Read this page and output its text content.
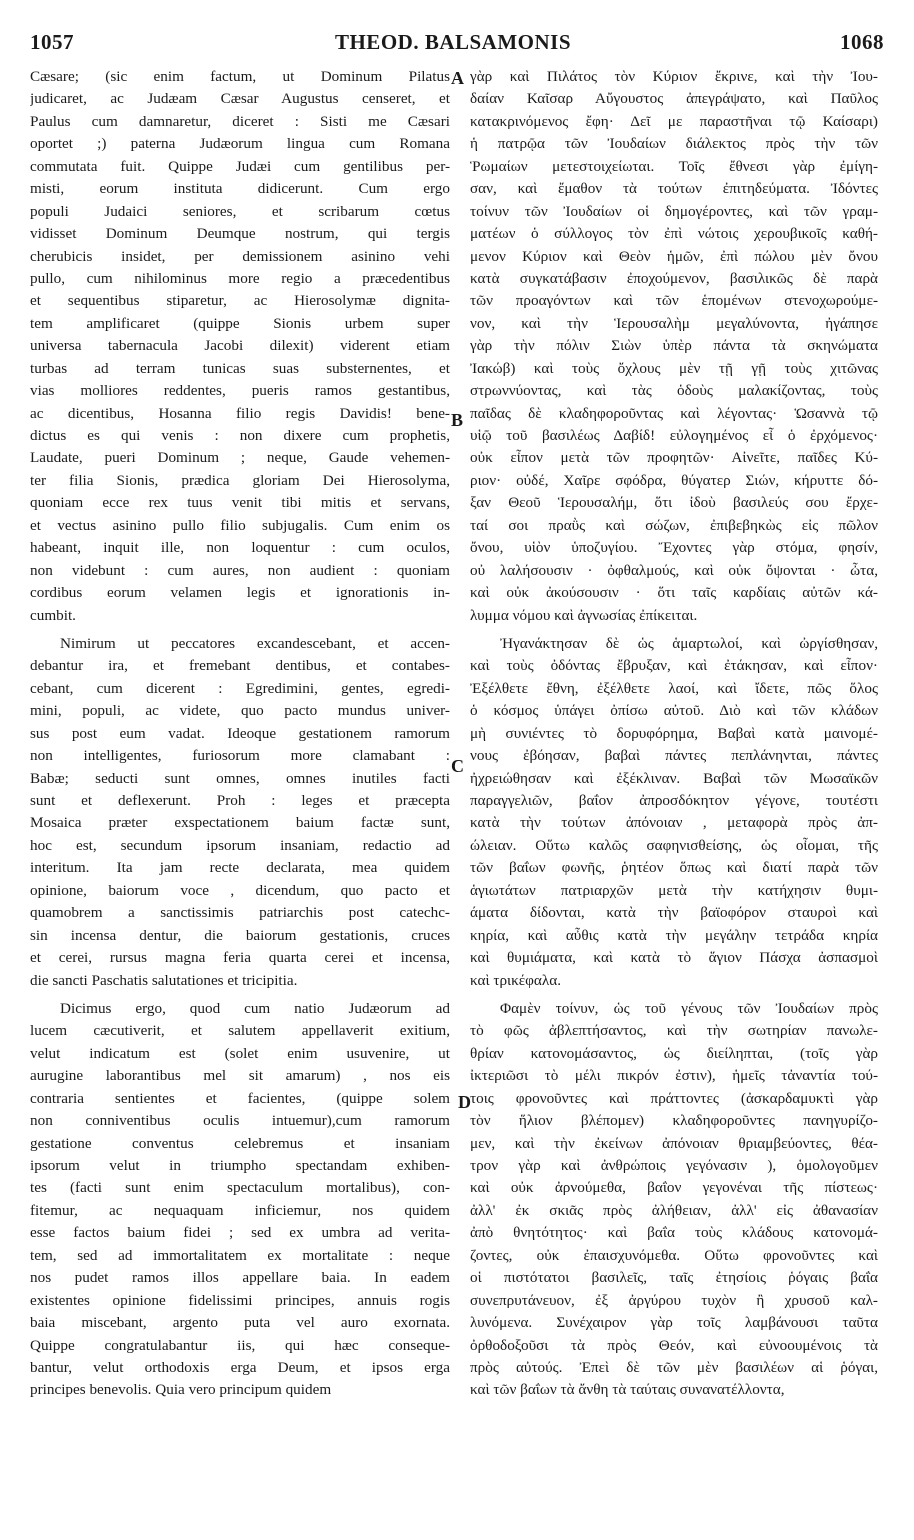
1057	THEOD. BALSAMONIS	1068
Cæsare; (sic enim factum, ut Dominum Pilatus
judicaret, ac Judæam Cæsar Augustus censeret, et
Paulus cum damnaretur, diceret : Sisti me Cæsari
oportet ;) paterna Judæorum lingua cum Romana
commutata fuit. Quippe Judæi cum gentilibus per-
misti, eorum instituta didicerunt. Cum ergo
populi Judaici seniores, et scribarum cœtus
vidisset Dominum Deumque nostrum, qui tergis
cherubicis insidet, per demissionem asinino vehi
pullo, cum nihilominus more regio a præcedentibus
et sequentibus stiparetur, ac Hierosolymæ dignita-
tem amplificaret (quippe Sionis urbem super
universa tabernacula Jacobi dilexit) viderent etiam
turbas ad terram tunicas suas substernentes, et
vias molliores reddentes, pueris ramos gestantibus,
ac dicentibus, Hosanna filio regis Davidis! bene-
dictus es qui venis : non dixere cum prophetis,
Laudate, pueri Dominum ; neque, Gaude vehemen-
ter filia Sionis, prædica gloriam Dei Hierosolyma,
quoniam ecce rex tuus venit tibi mitis et servans,
et vectus asinino pullo filio subjugalis. Cum enim os
habeant, inquit ille, non loquentur : cum oculos,
non videbunt : cum aures, non audient : quoniam
cordibus eorum velamen legis et ignorationis in-
cumbit.
Nimirum ut peccatores excandescebant, et accen-
debantur ira, et fremebant dentibus, et contabes-
cebant, cum dicerent : Egredimini, gentes, egredi-
mini, populi, ac videte, quo pacto mundus univer-
sus post eum vadat. Ideoque gestationem ramorum
non intelligentes, furiosorum more clamabant :
Babæ; seducti sunt omnes, omnes inutiles facti
sunt et deflexerunt. Proh : leges et præcepta
Mosaica præter exspectationem baium factæ sunt,
hoc est, secundum ipsorum insaniam, redactio ad
interitum. Ita jam recte declarata, mea quidem
opinione, baiorum voce , dicendum, quo pacto et
quamobrem a sanctissimis patriarchis post catechc-
sin incensa dentur, die baiorum gestationis, cruces
et cerei, rursus magna feria quarta cerei et incensa,
die sancti Paschatis salutationes et tricipitia.
Dicimus ergo, quod cum natio Judæorum ad
lucem cæcutiverit, et salutem appellaverit exitium,
velut indicatum est (solet enim usuvenire, ut
aurugine laborantibus mel sit amarum) , nos eis
contraria sentientes et facientes, (quippe solem
non conniventibus oculis intuemur),cum ramorum
gestatione conventus celebremus et insaniam
ipsorum velut in triumpho spectandam exhiben-
tes (facti sunt enim spectaculum mortalibus), con-
fitemur, ac nequaquam inficiemur, nos quidem
esse factos baium fidei ; sed ex umbra ad verita-
tem, sed ad immortalitatem ex mortalitate : neque
nos pudet ramos illos appellare baia. In eadem
existentes opinione fidelissimi principes, annuis rogis
baia miscebant, argento puta vel auro exornata.
Quippe congratulabantur iis, qui hæc conseque-
bantur, velut orthodoxis erga Deum, et ipsos erga
principes benevolis. Quia vero principum quidem
γὰρ καὶ Πιλάτος τὸν Κύριον ἔκρινε, καὶ τὴν Ἰου-
δαίαν Καῖσαρ Αὔγουστος ἀπεγράψατο, καὶ Παῦλος
κατακρινόμενος ἔφη· Δεῖ με παραστῆναι τῷ Καίσαρι)
ἡ πατρῷα τῶν Ἰουδαίων διάλεκτος πρὸς τὴν τῶν
Ῥωμαίων μετεστοιχείωται. Τοῖς ἔθνεσι γὰρ ἐμίγη-
σαν, καὶ ἔμαθον τὰ τούτων ἐπιτηδεύματα. Ἰδόντες
τοίνυν τῶν Ἰουδαίων οἱ δημογέροντες, καὶ τῶν γραμ-
ματέων ὁ σύλλογος τὸν ἐπὶ νώτοις χερουβικοῖς καθή-
μενον Κύριον καὶ Θεὸν ἡμῶν, ἐπὶ πώλου μὲν ὄνου
κατὰ συγκατάβασιν ἐποχούμενον, βασιλικῶς δὲ παρὰ
τῶν προαγόντων καὶ τῶν ἑπομένων στενοχωρούμε-
νον, καὶ τὴν Ἱερουσαλὴμ μεγαλύνοντα, ἠγάπησε
γὰρ τὴν πόλιν Σιὼν ὑπὲρ πάντα τὰ σκηνώματα
Ἰακώβ) καὶ τοὺς ὄχλους μὲν τῇ γῇ τοὺς χιτῶνας
στρωννύοντας, καὶ τὰς ὁδοὺς μαλακίζοντας, τοὺς
παῖδας δὲ κλαδηφοροῦντας καὶ λέγοντας· Ὡσαννὰ τῷ
υἱῷ τοῦ βασιλέως Δαβίδ! εὐλογημένος εἶ ὁ ἐρχόμενος·
οὐκ εἶπον μετὰ τῶν προφητῶν· Αἰνεῖτε, παῖδες Κύ-
ριον· οὐδέ, Χαῖρε σφόδρα, θύγατερ Σιών, κήρυττε δό-
ξαν Θεοῦ Ἱερουσαλήμ, ὅτι ἰδοὺ βασιλεύς σου ἔρχε-
ταί σοι πραῢς καὶ σώζων, ἐπιβεβηκὼς εἰς πῶλον
ὄνου, υἱὸν ὑποζυγίου. Ἔχοντες γὰρ στόμα, φησίν,
οὐ λαλήσουσιν · ὀφθαλμούς, καὶ οὐκ ὄψονται · ὦτα,
καὶ οὐκ ἀκούσουσιν · ὅτι ταῖς καρδίαις αὐτῶν κά-
λυμμα νόμου καὶ ἀγνωσίας ἐπίκειται.
Ἠγανάκτησαν δὲ ὡς ἁμαρτωλοί, καὶ ὠργίσθησαν,
καὶ τοὺς ὀδόντας ἔβρυξαν, καὶ ἐτάκησαν, καὶ εἶπον·
Ἐξέλθετε ἔθνη, ἐξέλθετε λαοί, καὶ ἴδετε, πῶς ὅλος
ὁ κόσμος ὑπάγει ὀπίσω αὐτοῦ. Διὸ καὶ τῶν κλάδων
μὴ συνιέντες τὸ δορυφόρημα, Βαβαὶ κατὰ μαινομέ-
νους ἐβόησαν, βαβαὶ πάντες πεπλάνηνται, πάντες
ἠχρειώθησαν καὶ ἐξέκλιναν. Βαβαὶ τῶν Μωσαϊκῶν
παραγγελιῶν, βαΐον ἀπροσδόκητον γέγονε, τουτέστι
κατὰ τὴν τούτων ἀπόνοιαν , μεταφορὰ πρὸς ἀπ-
ώλειαν. Οὕτω καλῶς σαφηνισθείσης, ὡς οἶομαι, τῆς
τῶν βαΐων φωνῆς, ῥητέον ὅπως καὶ διατί παρὰ τῶν
ἁγιωτάτων πατριαρχῶν μετὰ τὴν κατήχησιν θυμι-
άματα δίδονται, κατὰ τὴν βαϊοφόρον σταυροὶ καὶ
κηρία, καὶ αὖθις κατὰ τὴν μεγάλην τετράδα κηρία
καὶ θυμιάματα, καὶ κατὰ τὸ ἅγιον Πάσχα ἀσπασμοὶ
καὶ τρικέφαλα.
Φαμὲν τοίνυν, ὡς τοῦ γένους τῶν Ἰουδαίων πρὸς
τὸ φῶς ἀβλεπτήσαντος, καὶ τὴν σωτηρίαν πανωλε-
θρίαν κατονομάσαντος, ὡς διείληπται, (τοῖς γὰρ
ἰκτεριῶσι τὸ μέλι πικρόν ἐστιν), ἡμεῖς τἀναντία τού-
τοις φρονοῦντες καὶ πράττοντες (ἀσκαρδαμυκτὶ γὰρ
τὸν ἥλιον βλέπομεν) κλαδηφοροῦντες πανηγυρίζο-
μεν, καὶ τὴν ἐκείνων ἀπόνοιαν θριαμβεύοντες, θέα-
τρον γὰρ καὶ ἀνθρώποις γεγόνασιν ), ὁμολογοῦμεν
καὶ οὐκ ἀρνούμεθα, βαΐον γεγονέναι τῆς πίστεως·
ἀλλ' ἐκ σκιᾶς πρὸς ἀλήθειαν, ἀλλ' εἰς ἀθανασίαν
ἀπὸ θνητότητος· καὶ βαΐα τοὺς κλάδους κατονομά-
ζοντες, οὐκ ἐπαισχυνόμεθα. Οὕτω φρονοῦντες καὶ
οἱ πιστότατοι βασιλεῖς, ταῖς ἐτησίοις ῥόγαις βαΐα
συνεπρυτάνευον, ἐξ ἀργύρου τυχὸν ἢ χρυσοῦ καλ-
λυνόμενα. Συνέχαιρον γὰρ τοῖς λαμβάνουσι ταῦτα
ὀρθοδοξοῦσι τὰ πρὸς Θεόν, καὶ εὐνοουμένοις τὰ
πρὸς αὐτούς. Ἐπεὶ δὲ τῶν μὲν βασιλέων αἱ ῥόγαι,
καὶ τῶν βαΐων τὰ ἄνθη τὰ ταύταις συνανατέλλοντα,
A
B
C
D
